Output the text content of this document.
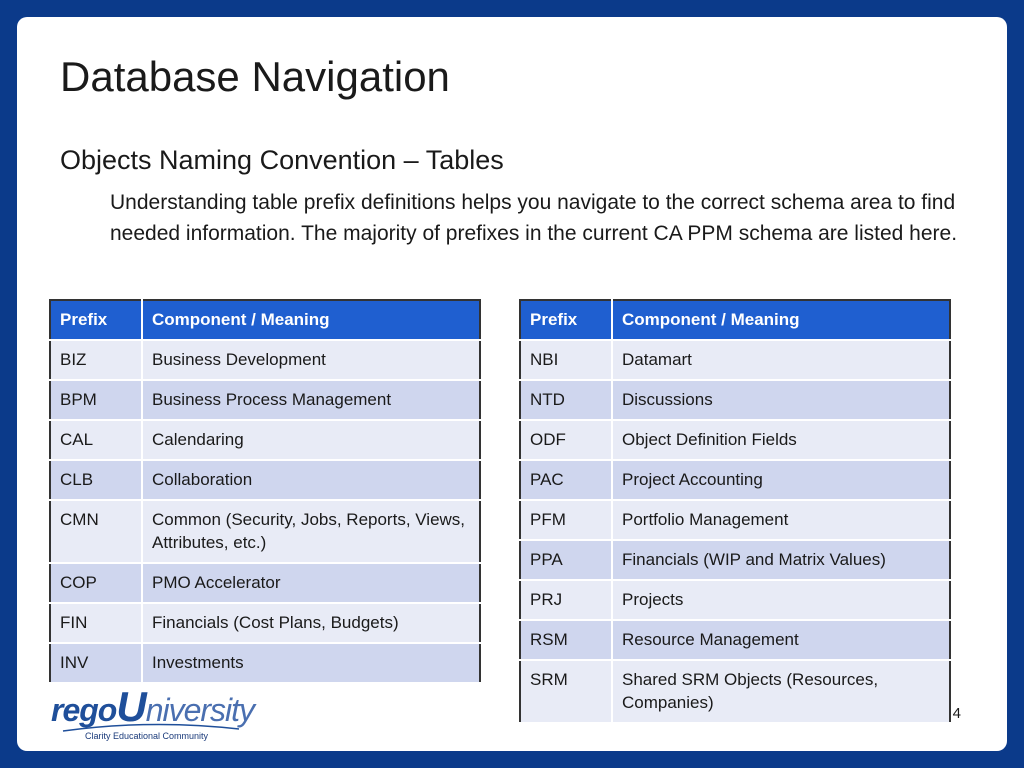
Database Navigation
Objects Naming Convention – Tables
Understanding table prefix definitions helps you navigate to the correct schema area to find needed information. The majority of prefixes in the current CA PPM schema are listed here.
Prefix	Component / Meaning
BIZ	Business Development
BPM	Business Process Management
CAL	Calendaring
CLB	Collaboration
CMN	Common (Security, Jobs, Reports, Views, Attributes, etc.)
COP	PMO Accelerator
FIN	Financials (Cost Plans, Budgets)
INV	Investments
Prefix	Component / Meaning
NBI	Datamart
NTD	Discussions
ODF	Object Definition Fields
PAC	Project Accounting
PFM	Portfolio Management
PPA	Financials (WIP and Matrix Values)
PRJ	Projects
RSM	Resource Management
SRM	Shared SRM Objects (Resources, Companies)
regoUniversity
Clarity Educational Community
4
